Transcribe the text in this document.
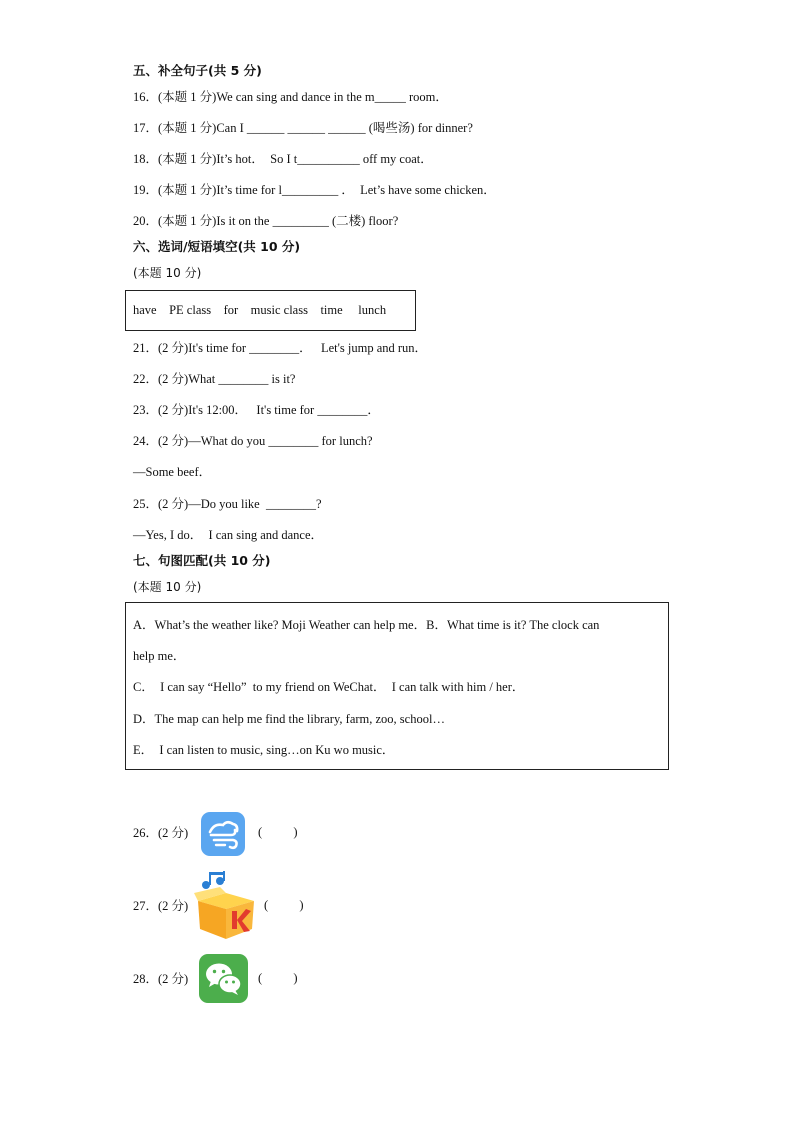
五、补全句子(共 5 分)
16．(本题 1 分)We can sing and dance in the m_____ room．
17．(本题 1 分)Can I ______ ______ ______ (喝些汤) for dinner?
18．(本题 1 分)It’s hot．  So I t__________ off my coat．
19．(本题 1 分)It’s time for l_________ ．  Let’s have some chicken．
20．(本题 1 分)Is it on the _________ (二楼) floor?
六、选词/短语填空(共 10 分)
(本题 10 分)
have    PE class    for    music class    time     lunch
21．(2 分)It's time for ________．   Let's jump and run．
22．(2 分)What ________ is it?
23．(2 分)It's 12:00．   It's time for ________．
24．(2 分)—What do you ________ for lunch?
—Some beef．
25．(2 分)—Do you like  ________?
—Yes, I do．  I can sing and dance．
七、句图匹配(共 10 分)
(本题 10 分)
A．What’s the weather like? Moji Weather can help me．B．What time is it? The clock can
help me．
C．  I can say “Hello”  to my friend on WeChat．  I can talk with him / her．
D．The map can help me find the library, farm, zoo, school…
E．  I can listen to music, sing…on Ku wo music．
26．(2 分)	(          )
27．(2 分)	(          )
28．(2 分)	(          )
